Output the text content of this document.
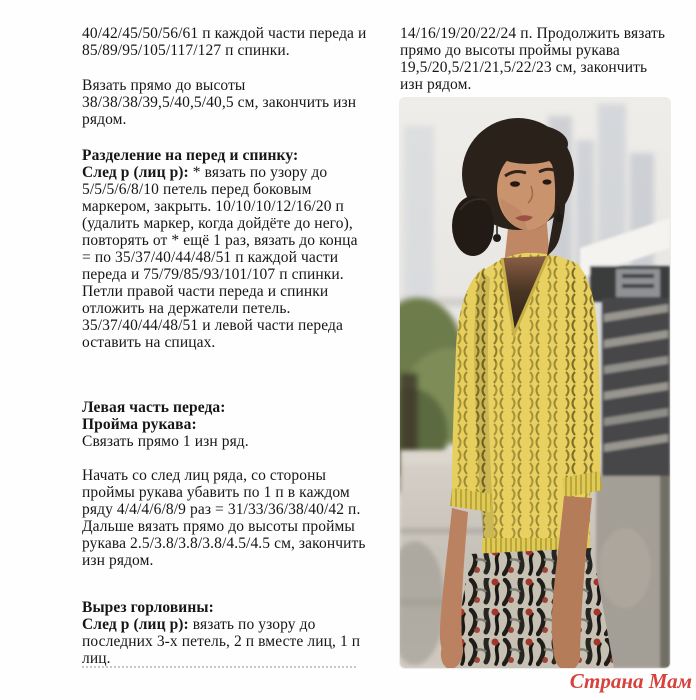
40/42/45/50/56/61 п каждой части переда и 85/89/95/105/117/127 п спинки.

Вязать прямо до высоты 38/38/38/39,5/40,5/40,5 см, закончить изн рядом.

Разделение на перед и спинку:
След р (лиц р): * вязать по узору до 5/5/5/6/8/10 петель перед боковым маркером, закрыть. 10/10/10/12/16/20 п (удалить маркер, когда дойдёте до него), повторять от * ещё 1 раз, вязать до конца = по 35/37/40/44/48/51 п каждой части переда и 75/79/85/93/101/107 п спинки. Петли правой части переда и спинки отложить на держатели петель. 35/37/40/44/48/51 и левой части переда оставить на спицах.

Левая часть переда:
Пройма рукава:
Связать прямо 1 изн ряд.

Начать со след лиц ряда, со стороны проймы рукава убавить по 1 п в каждом ряду 4/4/4/6/8/9 раз = 31/33/36/38/40/42 п. Дальше вязать прямо до высоты проймы рукава 2.5/3.8/3.8/3.8/4.5/4.5 см, закончить изн рядом.

Вырез горловины:
След р (лиц р): вязать по узору до последних 3-х петель, 2 п вместе лиц, 1 п лиц.

14/16/19/20/22/24 п. Продолжить вязать прямо до высоты проймы рукава 19,5/20,5/21/21,5/22/23 см, закончить изн рядом.

Страна Мам
